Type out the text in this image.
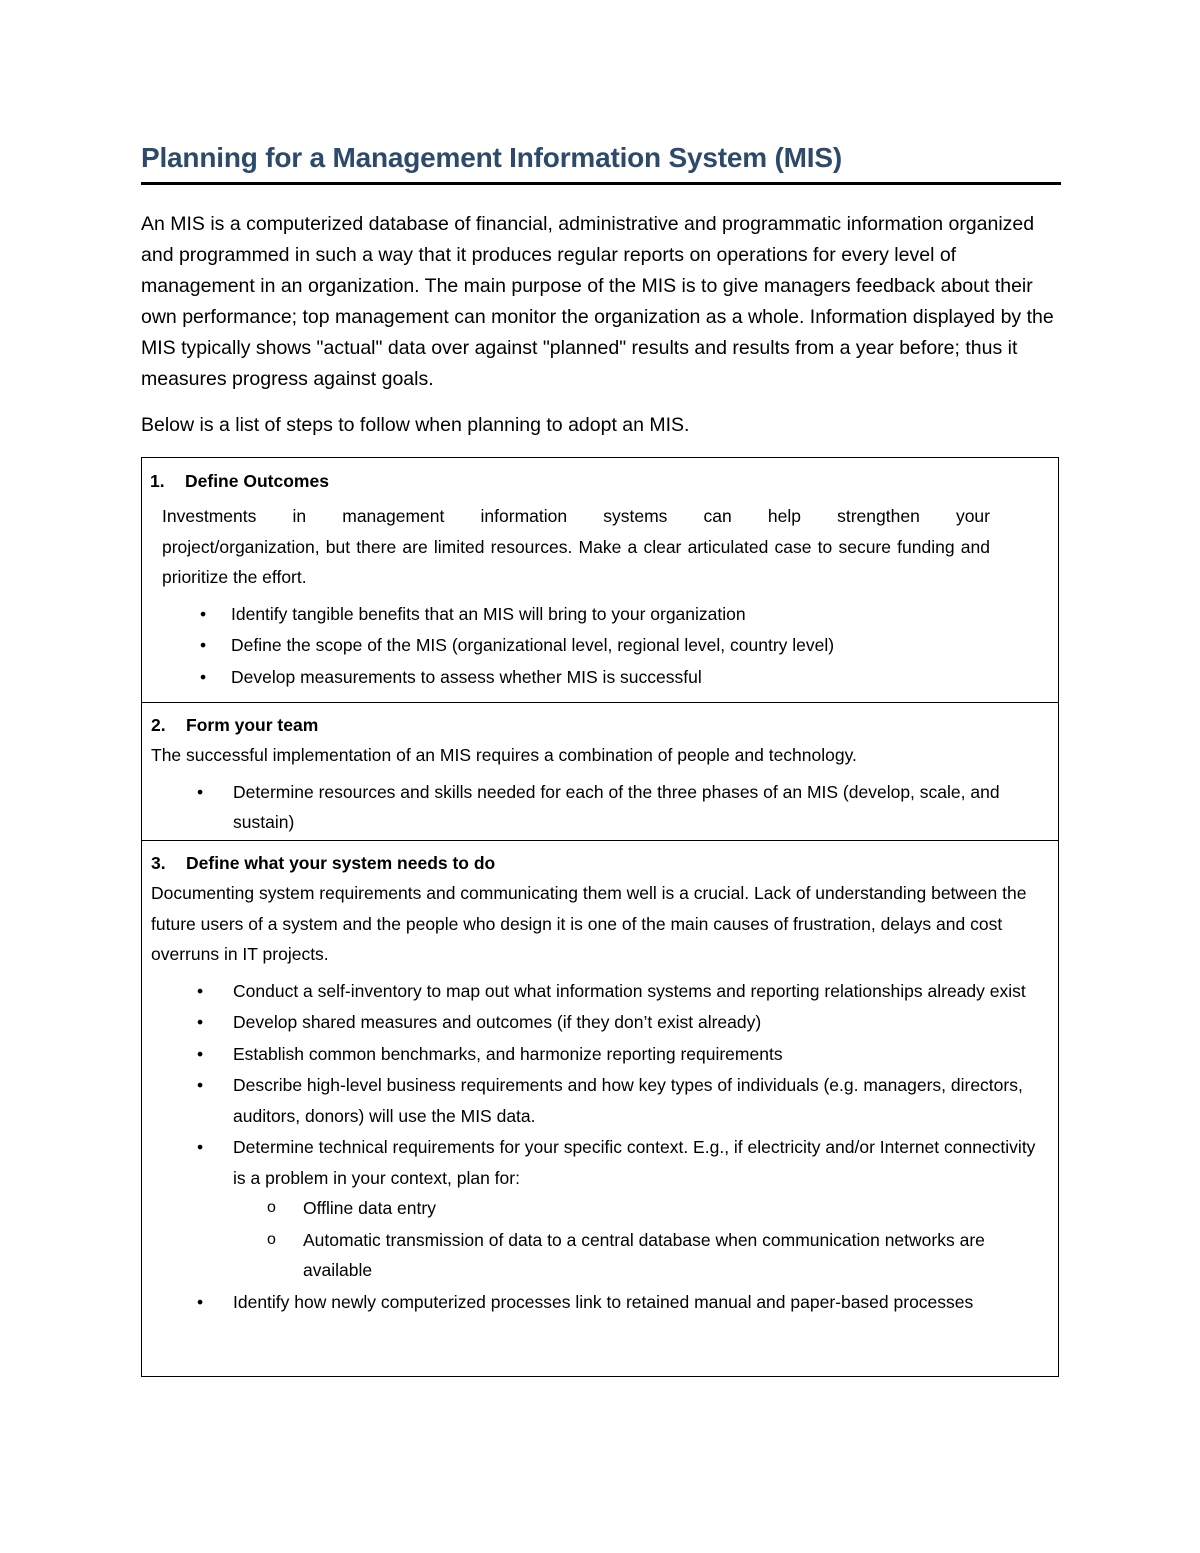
Planning for a Management Information System (MIS)

An MIS is a computerized database of financial, administrative and programmatic information organized and programmed in such a way that it produces regular reports on operations for every level of management in an organization. The main purpose of the MIS is to give managers feedback about their own performance; top management can monitor the organization as a whole. Information displayed by the MIS typically shows "actual" data over against "planned" results and results from a year before; thus it measures progress against goals.

Below is a list of steps to follow when planning to adopt an MIS.

1. Define Outcomes

Investments in management information systems can help strengthen your
project/organization, but there are limited resources. Make a clear articulated case to secure funding and prioritize the effort.

• Identify tangible benefits that an MIS will bring to your organization
• Define the scope of the MIS (organizational level, regional level, country level)
• Develop measurements to assess whether MIS is successful
2. Form your team

The successful implementation of an MIS requires a combination of people and technology.

• Determine resources and skills needed for each of the three phases of an MIS (develop, scale, and sustain)
3. Define what your system needs to do

Documenting system requirements and communicating them well is a crucial. Lack of understanding between the future users of a system and the people who design it is one of the main causes of frustration, delays and cost overruns in IT projects.

• Conduct a self-inventory to map out what information systems and reporting relationships already exist
• Develop shared measures and outcomes (if they don’t exist already)
• Establish common benchmarks, and harmonize reporting requirements
• Describe high-level business requirements and how key types of individuals (e.g. managers, directors, auditors, donors) will use the MIS data.
• Determine technical requirements for your specific context. E.g., if electricity and/or Internet connectivity is a problem in your context, plan for:
o Offline data entry
o Automatic transmission of data to a central database when communication networks are available
• Identify how newly computerized processes link to retained manual and paper-based processes
